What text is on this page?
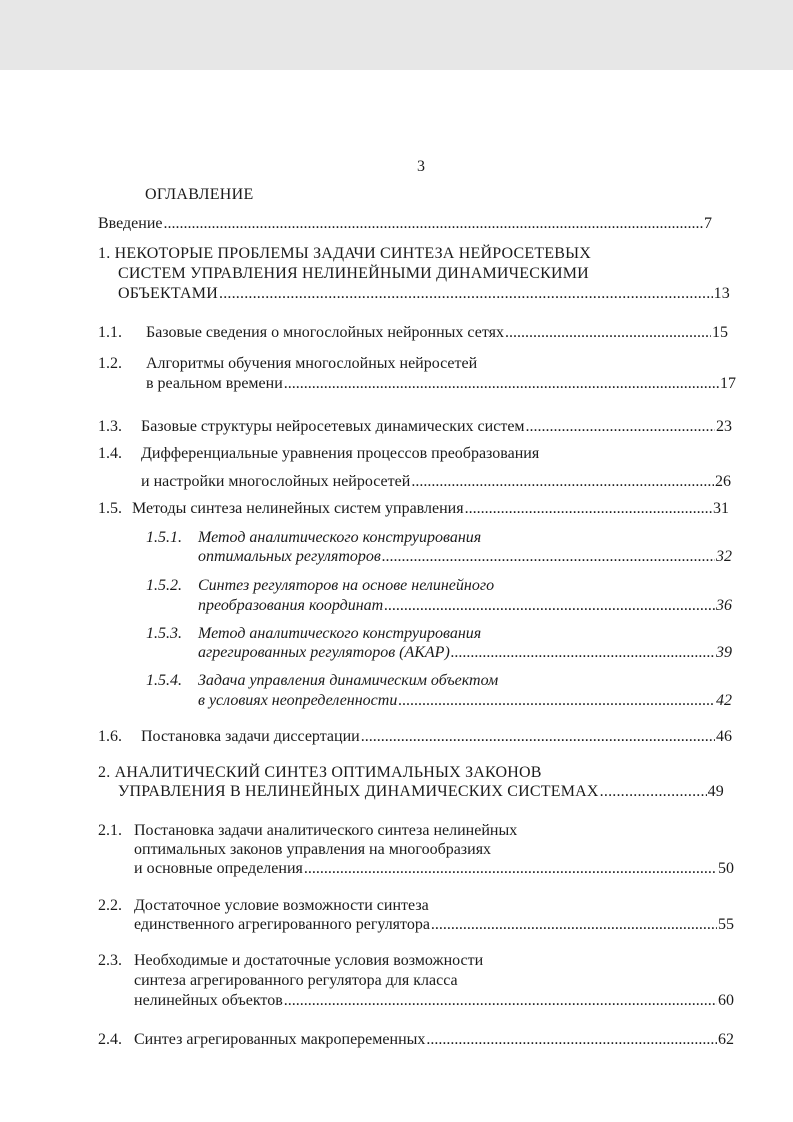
3
ОГЛАВЛЕНИЕ
Введение .....	7
1. НЕКОТОРЫЕ ПРОБЛЕМЫ ЗАДАЧИ СИНТЕЗА НЕЙРОСЕТЕВЫХ
СИСТЕМ УПРАВЛЕНИЯ НЕЛИНЕЙНЫМИ ДИНАМИЧЕСКИМИ
ОБЪЕКТАМИ .....	13
1.1. Базовые сведения о многослойных нейронных сетях .....	15
1.2. Алгоритмы обучения многослойных нейросетей
в реальном времени .....	17
1.3. Базовые структуры нейросетевых динамических систем .....	23
1.4. Дифференциальные уравнения процессов преобразования
и настройки многослойных нейросетей .....	26
1.5. Методы синтеза нелинейных систем управления .....	31
1.5.1. Метод аналитического конструирования
оптимальных регуляторов .....	32
1.5.2. Синтез регуляторов на основе нелинейного
преобразования координат .....	36
1.5.3. Метод аналитического конструирования
агрегированных регуляторов (АКАР) .....	39
1.5.4. Задача управления динамическим объектом
в условиях неопределенности .....	42
1.6. Постановка задачи диссертации .....	46
2. АНАЛИТИЧЕСКИЙ СИНТЕЗ ОПТИМАЛЬНЫХ ЗАКОНОВ
УПРАВЛЕНИЯ В НЕЛИНЕЙНЫХ ДИНАМИЧЕСКИХ СИСТЕМАХ .....	49
2.1. Постановка задачи аналитического синтеза нелинейных
оптимальных законов управления на многообразиях
и основные определения .....	50
2.2. Достаточное условие возможности синтеза
единственного агрегированного регулятора .....	55
2.3. Необходимые и достаточные условия возможности
синтеза агрегированного регулятора для класса
нелинейных объектов .....	60
2.4. Синтез агрегированных макропеременных .....	62
